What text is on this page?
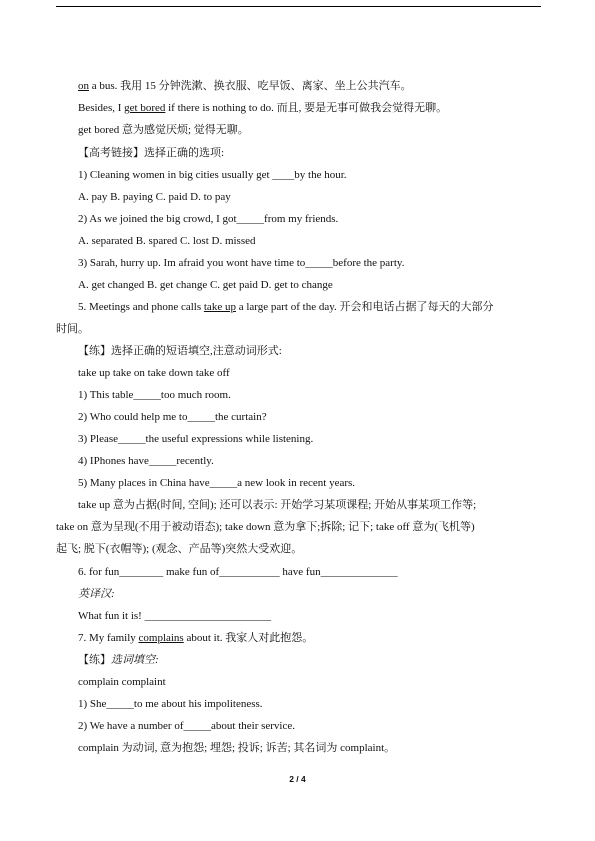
on a bus. 我用 15 分钟洗漱、换衣服、吃早饭、离家、坐上公共汽车。
Besides, I get bored if there is nothing to do. 而且, 要是无事可做我会觉得无聊。
get bored 意为感觉厌烦; 觉得无聊。
【高考链接】选择正确的选项:
1) Cleaning women in big cities usually get ____by the hour.
A. pay B. paying C. paid D. to pay
2) As we joined the big crowd, I got_____from my friends.
A. separated B. spared C. lost D. missed
3) Sarah, hurry up. Im afraid you wont have time to_____before the party.
A. get changed B. get change C. get paid D. get to change
5. Meetings and phone calls take up a large part of the day. 开会和电话占据了每天的大部分
时间。
【练】选择正确的短语填空,注意动词形式:
take up take on take down take off
1) This table_____too much room.
2) Who could help me to_____the curtain?
3) Please_____the useful expressions while listening.
4) IPhones have_____recently.
5) Many places in China have_____a new look in recent years.
take up 意为占据(时间, 空间); 还可以表示: 开始学习某项课程; 开始从事某项工作等;
take on 意为呈现(不用于被动语态); take down 意为拿下;拆除; 记下; take off 意为(飞机等)
起飞; 脱下(衣帽等); (观念、产品等)突然大受欢迎。
6. for fun________ make fun of___________ have fun______________
英译汉:
What fun it is! _______________________
7. My family complains about it. 我家人对此抱怨。
【练】选词填空:
complain complaint
1) She_____to me about his impoliteness.
2) We have a number of_____about their service.
complain 为动词, 意为抱怨; 埋怨; 投诉; 诉苦; 其名词为 complaint。
2 / 4
